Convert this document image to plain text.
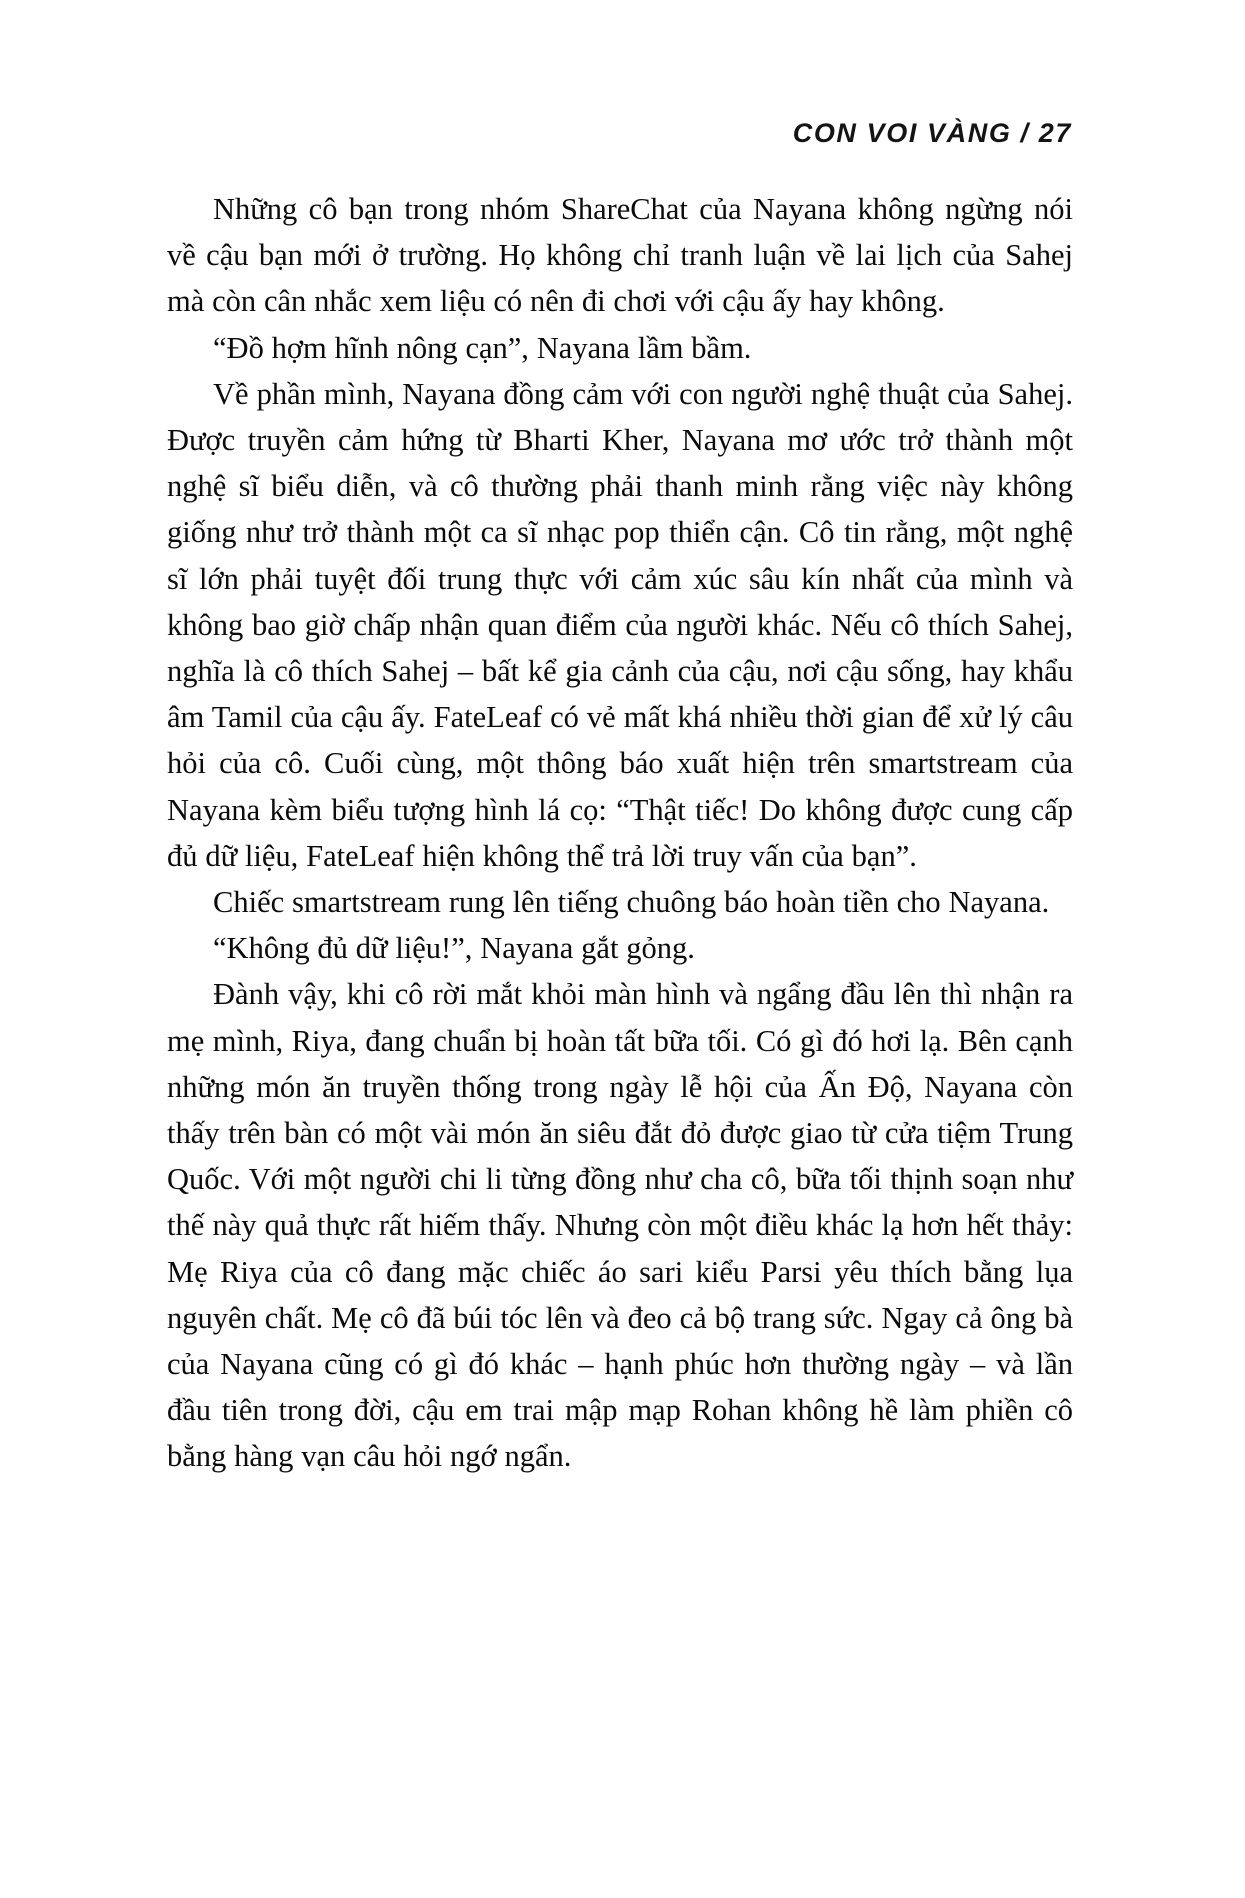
CON VOI VÀNG / 27

Những cô bạn trong nhóm ShareChat của Nayana không ngừng nói về cậu bạn mới ở trường. Họ không chỉ tranh luận về lai lịch của Sahej mà còn cân nhắc xem liệu có nên đi chơi với cậu ấy hay không.

“Đồ hợm hĩnh nông cạn”, Nayana lầm bầm.

Về phần mình, Nayana đồng cảm với con người nghệ thuật của Sahej. Được truyền cảm hứng từ Bharti Kher, Nayana mơ ước trở thành một nghệ sĩ biểu diễn, và cô thường phải thanh minh rằng việc này không giống như trở thành một ca sĩ nhạc pop thiển cận. Cô tin rằng, một nghệ sĩ lớn phải tuyệt đối trung thực với cảm xúc sâu kín nhất của mình và không bao giờ chấp nhận quan điểm của người khác. Nếu cô thích Sahej, nghĩa là cô thích Sahej – bất kể gia cảnh của cậu, nơi cậu sống, hay khẩu âm Tamil của cậu ấy. FateLeaf có vẻ mất khá nhiều thời gian để xử lý câu hỏi của cô. Cuối cùng, một thông báo xuất hiện trên smartstream của Nayana kèm biểu tượng hình lá cọ: “Thật tiếc! Do không được cung cấp đủ dữ liệu, FateLeaf hiện không thể trả lời truy vấn của bạn”.

Chiếc smartstream rung lên tiếng chuông báo hoàn tiền cho Nayana.

“Không đủ dữ liệu!”, Nayana gắt gỏng.

Đành vậy, khi cô rời mắt khỏi màn hình và ngẩng đầu lên thì nhận ra mẹ mình, Riya, đang chuẩn bị hoàn tất bữa tối. Có gì đó hơi lạ. Bên cạnh những món ăn truyền thống trong ngày lễ hội của Ấn Độ, Nayana còn thấy trên bàn có một vài món ăn siêu đắt đỏ được giao từ cửa tiệm Trung Quốc. Với một người chi li từng đồng như cha cô, bữa tối thịnh soạn như thế này quả thực rất hiếm thấy. Nhưng còn một điều khác lạ hơn hết thảy: Mẹ Riya của cô đang mặc chiếc áo sari kiểu Parsi yêu thích bằng lụa nguyên chất. Mẹ cô đã búi tóc lên và đeo cả bộ trang sức. Ngay cả ông bà của Nayana cũng có gì đó khác – hạnh phúc hơn thường ngày – và lần đầu tiên trong đời, cậu em trai mập mạp Rohan không hề làm phiền cô bằng hàng vạn câu hỏi ngớ ngẩn.
